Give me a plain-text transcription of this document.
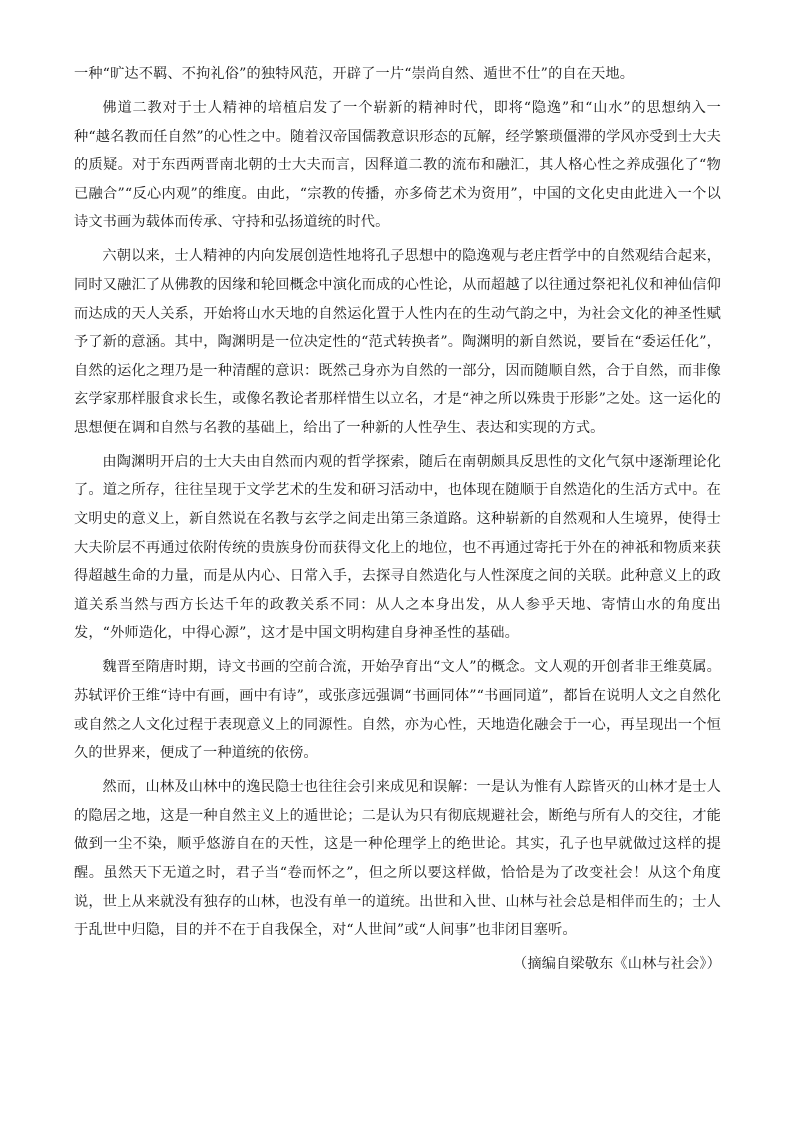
一种“旷达不羁、不拘礼俗”的独特风范，开辟了一片“崇尚自然、遁世不仕”的自在天地。

佛道二教对于士人精神的培植启发了一个崭新的精神时代，即将“隐逸”和“山水”的思想纳入一种“越名教而任自然”的心性之中。随着汉帝国儒教意识形态的瓦解，经学繁琐僵滞的学风亦受到士大夫的质疑。对于东西两晋南北朝的士大夫而言，因释道二教的流布和融汇，其人格心性之养成强化了“物已融合”“反心内观”的维度。由此，“宗教的传播，亦多倚艺术为资用”，中国的文化史由此进入一个以诗文书画为载体而传承、守持和弘扬道统的时代。

六朝以来，士人精神的内向发展创造性地将孔子思想中的隐逸观与老庄哲学中的自然观结合起来，同时又融汇了从佛教的因缘和轮回概念中演化而成的心性论，从而超越了以往通过祭祀礼仪和神仙信仰而达成的天人关系，开始将山水天地的自然运化置于人性内在的生动气韵之中，为社会文化的神圣性赋予了新的意涵。其中，陶渊明是一位决定性的“范式转换者”。陶渊明的新自然说，要旨在“委运任化”，自然的运化之理乃是一种清醒的意识：既然己身亦为自然的一部分，因而随顺自然，合于自然，而非像玄学家那样服食求长生，或像名教论者那样惜生以立名，才是“神之所以殊贵于形影”之处。这一运化的思想便在调和自然与名教的基础上，给出了一种新的人性孕生、表达和实现的方式。

由陶渊明开启的士大夫由自然而内观的哲学探索，随后在南朝颇具反思性的文化气氛中逐渐理论化了。道之所存，往往呈现于文学艺术的生发和研习活动中，也体现在随顺于自然造化的生活方式中。在文明史的意义上，新自然说在名教与玄学之间走出第三条道路。这种崭新的自然观和人生境界，使得士大夫阶层不再通过依附传统的贵族身份而获得文化上的地位，也不再通过寄托于外在的神祇和物质来获得超越生命的力量，而是从内心、日常入手，去探寻自然造化与人性深度之间的关联。此种意义上的政道关系当然与西方长达千年的政教关系不同：从人之本身出发，从人参乎天地、寄情山水的角度出发，“外师造化，中得心源”，这才是中国文明构建自身神圣性的基础。

魏晋至隋唐时期，诗文书画的空前合流，开始孕育出“文人”的概念。文人观的开创者非王维莫属。苏轼评价王维“诗中有画，画中有诗”，或张彦远强调“书画同体”“书画同道”，都旨在说明人文之自然化或自然之人文化过程于表现意义上的同源性。自然，亦为心性，天地造化融会于一心，再呈现出一个恒久的世界来，便成了一种道统的依傍。

然而，山林及山林中的逸民隐士也往往会引来成见和误解：一是认为惟有人踪皆灭的山林才是士人的隐居之地，这是一种自然主义上的遁世论；二是认为只有彻底规避社会，断绝与所有人的交往，才能做到一尘不染，顺乎悠游自在的天性，这是一种伦理学上的绝世论。其实，孔子也早就做过这样的提醒。虽然天下无道之时，君子当“卷而怀之”，但之所以要这样做，恰恰是为了改变社会！从这个角度说，世上从来就没有独存的山林，也没有单一的道统。出世和入世、山林与社会总是相伴而生的；士人于乱世中归隐，目的并不在于自我保全，对“人世间”或“人间事”也非闭目塞听。

（摘编自梁敬东《山林与社会》）
